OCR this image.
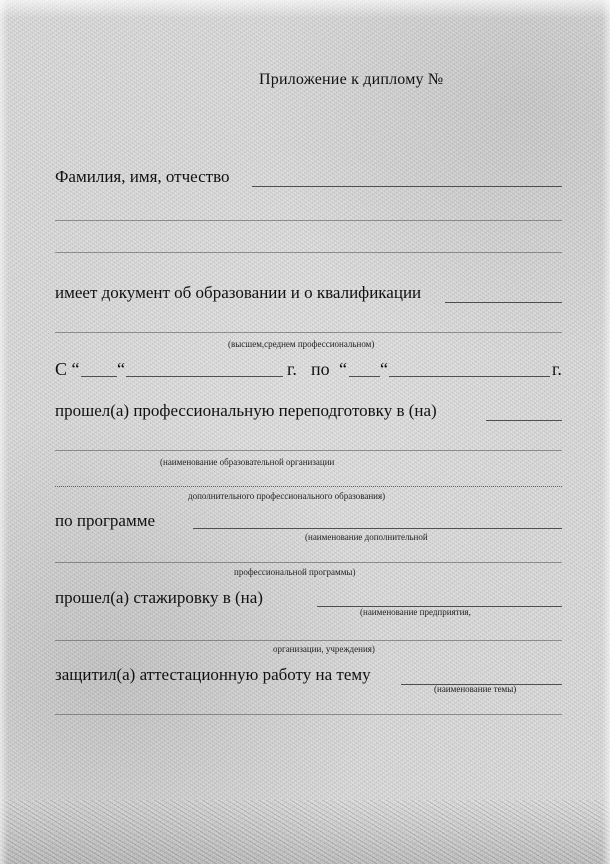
Приложение к диплому №
Фамилия, имя, отчество
имеет документ об образовании и о квалификации
(высшем,среднем профессиональном)
С “ “	г. по “ “	г.
прошел(а) профессиональную переподготовку в (на)
(наименование образовательной организации
дополнительного профессионального образования)
по программе
(наименование дополнительной
профессиональной программы)
прошел(а) стажировку в (на)
(наименование предприятия,
организации, учреждения)
защитил(а) аттестационную работу на тему
(наименование темы)
